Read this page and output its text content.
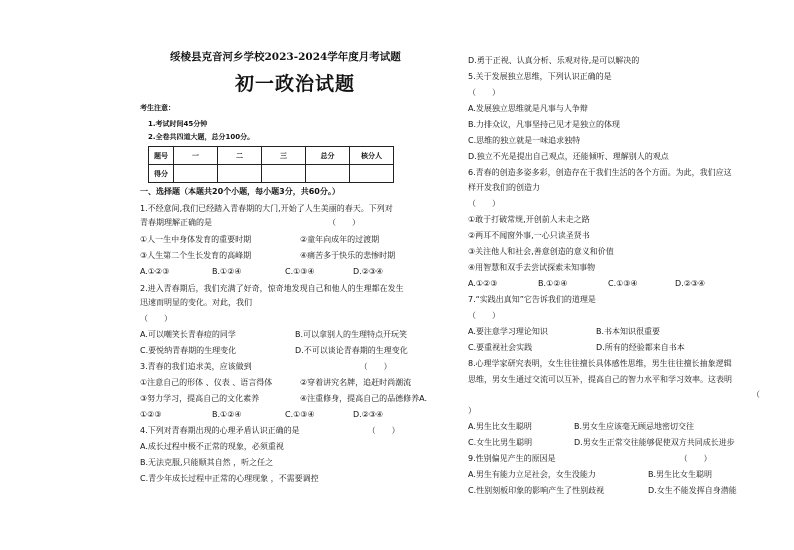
绥棱县克音河乡学校2023-2024学年度月考试题
初一政治试题
考生注意：
1.考试时间45分钟
2.全卷共四道大题，总分100分。
题号	一	二	三	总分	核分人
得分					
一、选择题（本题共20个小题，每小题3分，共60分。）
1.不经意间,我们已经踏入青春期的大门,开始了人生美丽的春天。下列对
青春期理解正确的是　　　　　　　　　　　　　　　（　　）
①人一生中身体发育的重要时期	②童年向成年的过渡期
③人生第二个生长发育的高峰期	④痛苦多于快乐的悲惨时期
A.①②③	B.①②④	C.①③④	D.②③④
2.进入青春期后，我们充满了好奇，惊奇地发现自己和他人的生理都在发生
迅速而明显的变化。对此，我们
（　　）
A.可以嘲笑长青春痘的同学	B.可以拿别人的生理特点开玩笑
C.要悦纳青春期的生理变化	D.不可以谈论青春期的生理变化
3.青春的我们追求美，应该做到　　　　　　　　　　　　　　（　　）
①注意自己的形体 、仪表 、语言得体	②穿着讲究名牌，追赶时尚潮流
③努力学习，提高自己的文化素养	④注重修身，提高自己的品德修养A.
①②③	B.①②④	C.①③④	D.②③④
4.下列对青春期出现的心理矛盾认识正确的是　　　　　　　　　（　　）
A.成长过程中极不正常的现象，必须重视
B.无法克服,只能顺其自然 ，听之任之
C.青少年成长过程中正常的心理现象 ，不需要调控
D.勇于正视、认真分析、乐观对待,是可以解决的
5.关于发展独立思维，下列认识正确的是
（　　）
A.发展独立思维就是凡事与人争辩
B.力排众议，凡事坚持己见才是独立的体现
C.思维的独立就是一味追求独特
D.独立不光是提出自己观点，还能倾听、理解别人的观点
6.青春的创造多姿多彩，创造存在于我们生活的各个方面。为此，我们应这
样开发我们的创造力
（　　）
①敢于打破常规,开创前人未走之路
②两耳不闻窗外事,一心只读圣贤书
③关注他人和社会,善意创造的意义和价值
④用智慧和双手去尝试探索未知事物
A.①②③	B.①②④	C.①③④	D.②③④
7.“实践出真知”它告诉我们的道理是
（　　）
A.要注意学习理论知识	B.书本知识很重要
C.要重视社会实践	D.所有的经验都来自书本
8.心理学家研究表明，女生往往擅长具体感性思维，男生往往擅长抽象逻辑
思维，男女生通过交流可以互补，提高自己的智力水平和学习效率。这表明
（
）
A.男生比女生聪明	B.男女生应该毫无顾忌地密切交往
C.女生比男生聪明	D.男女生正常交往能够促使双方共同成长进步
9.性别偏见产生的原因是　　　　　　　　　　　　　　　　（　　）
A.男生有能力立足社会，女生没能力	B.男生比女生聪明
C.性别刻板印象的影响产生了性别歧视	D.女生不能发挥自身潜能
